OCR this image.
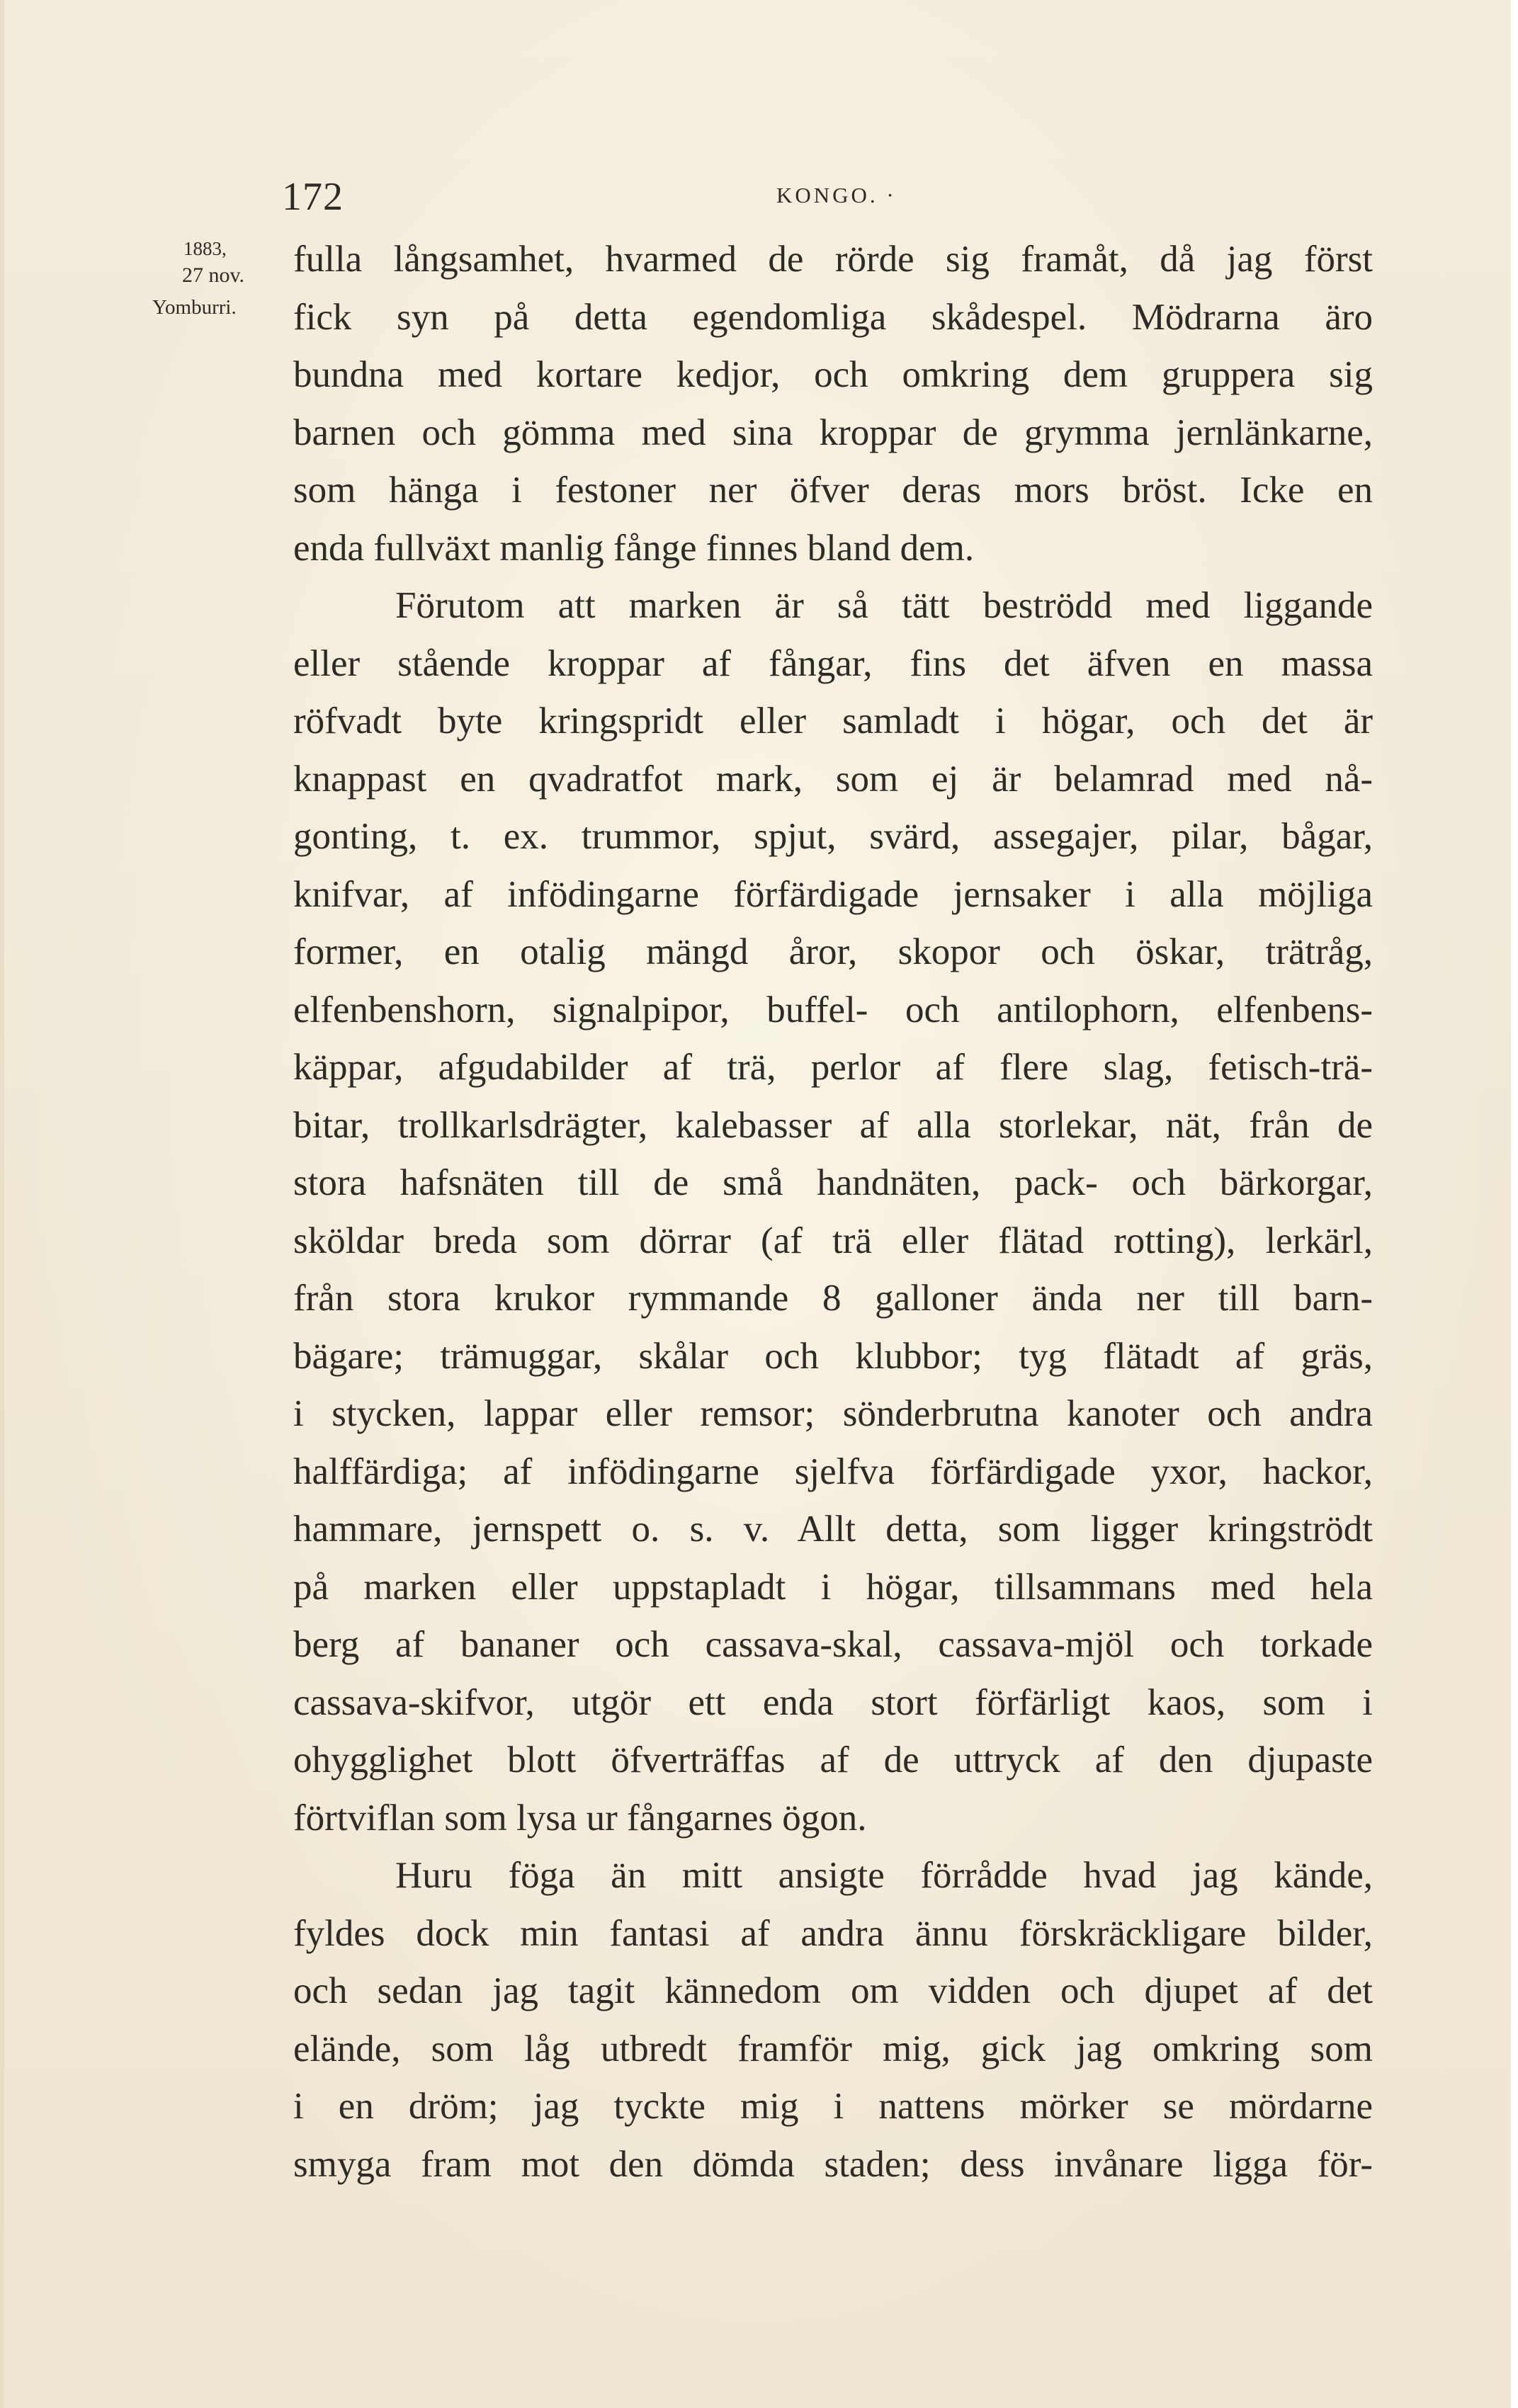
172	KONGO. ·
1883,
27 nov.
Yomburri.
fulla långsamhet, hvarmed de rörde sig framåt, då jag först
fick syn på detta egendomliga skådespel. Mödrarna äro
bundna med kortare kedjor, och omkring dem gruppera sig
barnen och gömma med sina kroppar de grymma jernlänkarne,
som hänga i festoner ner öfver deras mors bröst. Icke en
enda fullväxt manlig fånge finnes bland dem.
Förutom att marken är så tätt beströdd med liggande
eller stående kroppar af fångar, fins det äfven en massa
röfvadt byte kringspridt eller samladt i högar, och det är
knappast en qvadratfot mark, som ej är belamrad med nå-
gonting, t. ex. trummor, spjut, svärd, assegajer, pilar, bågar,
knifvar, af infödingarne förfärdigade jernsaker i alla möjliga
former, en otalig mängd åror, skopor och öskar, trätråg,
elfenbenshorn, signalpipor, buffel- och antilophorn, elfenbens-
käppar, afgudabilder af trä, perlor af flere slag, fetisch-trä-
bitar, trollkarlsdrägter, kalebasser af alla storlekar, nät, från de
stora hafsnäten till de små handnäten, pack- och bärkorgar,
sköldar breda som dörrar (af trä eller flätad rotting), lerkärl,
från stora krukor rymmande 8 galloner ända ner till barn-
bägare; trämuggar, skålar och klubbor; tyg flätadt af gräs,
i stycken, lappar eller remsor; sönderbrutna kanoter och andra
halffärdiga; af infödingarne sjelfva förfärdigade yxor, hackor,
hammare, jernspett o. s. v. Allt detta, som ligger kringströdt
på marken eller uppstapladt i högar, tillsammans med hela
berg af bananer och cassava-skal, cassava-mjöl och torkade
cassava-skifvor, utgör ett enda stort förfärligt kaos, som i
ohygglighet blott öfverträffas af de uttryck af den djupaste
förtviflan som lysa ur fångarnes ögon.
Huru föga än mitt ansigte förrådde hvad jag kände,
fyldes dock min fantasi af andra ännu förskräckligare bilder,
och sedan jag tagit kännedom om vidden och djupet af det
elände, som låg utbredt framför mig, gick jag omkring som
i en dröm; jag tyckte mig i nattens mörker se mördarne
smyga fram mot den dömda staden; dess invånare ligga för-
